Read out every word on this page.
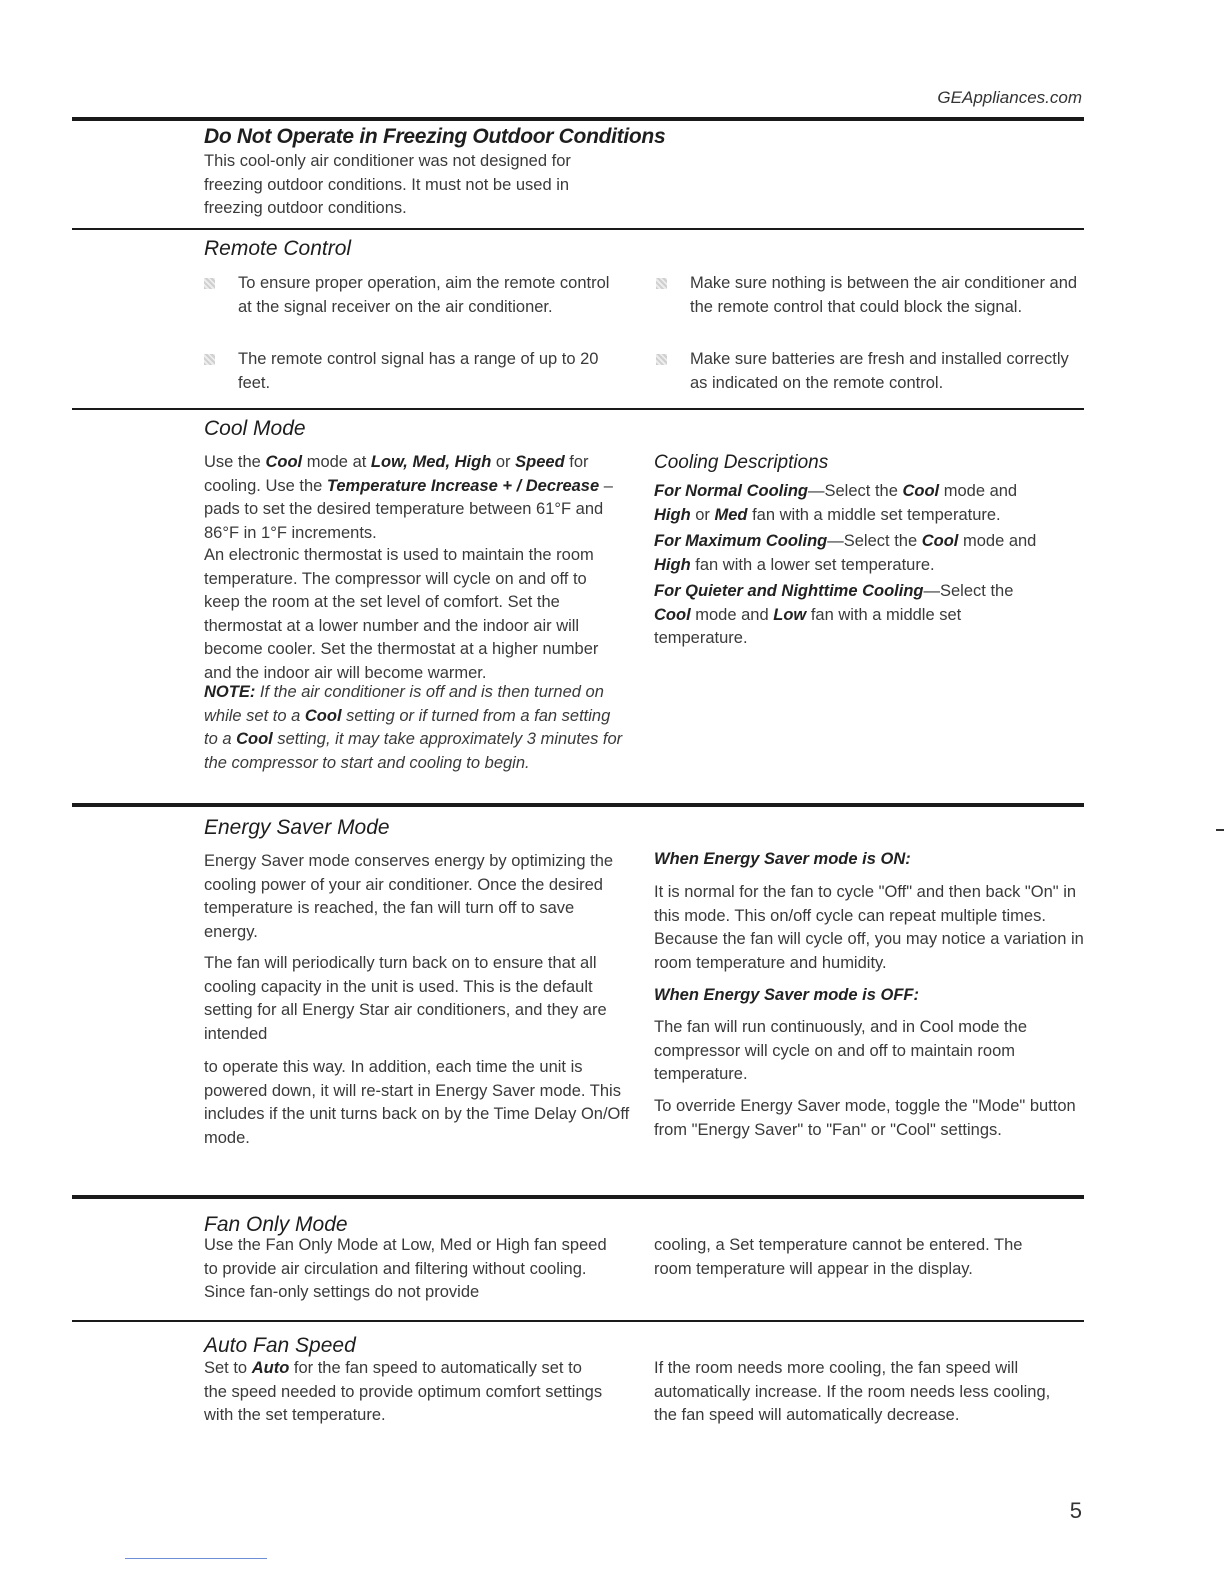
GEAppliances.com
Do Not Operate in Freezing Outdoor Conditions
This cool-only air conditioner was not designed for freezing outdoor conditions. It must not be used in freezing outdoor conditions.
Remote Control
To ensure proper operation, aim the remote control at the signal receiver on the air conditioner.
The remote control signal has a range of up to 20 feet.
Make sure nothing is between the air conditioner and the remote control that could block the signal.
Make sure batteries are fresh and installed correctly as indicated on the remote control.
Cool Mode
Use the Cool mode at Low, Med, High or Speed for cooling. Use the Temperature Increase + / Decrease – pads to set the desired temperature between 61°F and 86°F in 1°F increments.
An electronic thermostat is used to maintain the room temperature. The compressor will cycle on and off to keep the room at the set level of comfort. Set the thermostat at a lower number and the indoor air will become cooler. Set the thermostat at a higher number and the indoor air will become warmer.
NOTE: If the air conditioner is off and is then turned on while set to a Cool setting or if turned from a fan setting to a Cool setting, it may take approximately 3 minutes for the compressor to start and cooling to begin.
Cooling Descriptions
For Normal Cooling—Select the Cool mode and High or Med fan with a middle set temperature.
For Maximum Cooling—Select the Cool mode and High fan with a lower set temperature.
For Quieter and Nighttime Cooling—Select the Cool mode and Low fan with a middle set temperature.
Energy Saver Mode
Energy Saver mode conserves energy by optimizing the cooling power of your air conditioner. Once the desired temperature is reached, the fan will turn off to save energy.
The fan will periodically turn back on to ensure that all cooling capacity in the unit is used. This is the default setting for all Energy Star air conditioners, and they are intended
to operate this way. In addition, each time the unit is powered down, it will re-start in Energy Saver mode. This includes if the unit turns back on by the Time Delay On/Off mode.
When Energy Saver mode is ON:
It is normal for the fan to cycle "Off" and then back "On" in this mode. This on/off cycle can repeat multiple times. Because the fan will cycle off, you may notice a variation in room temperature and humidity.
When Energy Saver mode is OFF:
The fan will run continuously, and in Cool mode the compressor will cycle on and off to maintain room temperature.
To override Energy Saver mode, toggle the "Mode" button from "Energy Saver" to "Fan" or "Cool" settings.
Fan Only Mode
Use the Fan Only Mode at Low, Med or High fan speed to provide air circulation and filtering without cooling. Since fan-only settings do not provide
cooling, a Set temperature cannot be entered. The room temperature will appear in the display.
Auto Fan Speed
Set to Auto for the fan speed to automatically set to the speed needed to provide optimum comfort settings with the set temperature.
If the room needs more cooling, the fan speed will automatically increase. If the room needs less cooling, the fan speed will automatically decrease.
5
